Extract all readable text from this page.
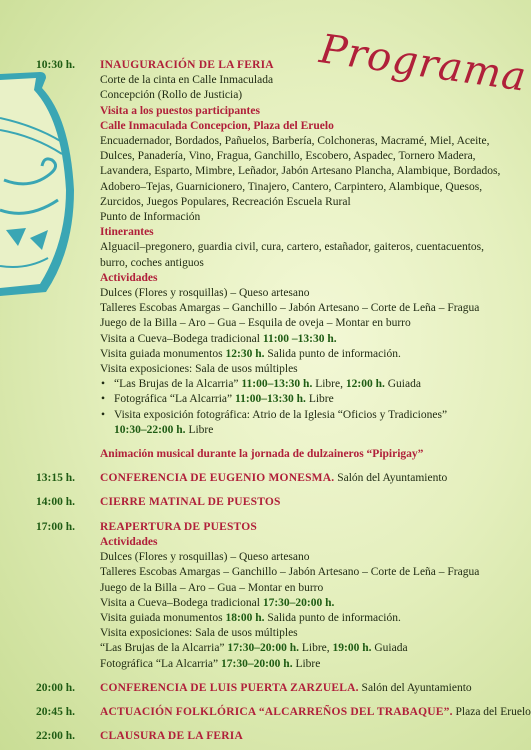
Programa
10:30 h.	INAUGURACIÓN DE LA FERIA
Corte de la cinta en Calle Inmaculada
Concepción (Rollo de Justicia)
Visita a los puestos participantes
Calle Inmaculada Concepcion, Plaza del Eruelo
Encuadernador, Bordados, Pañuelos, Barbería, Colchoneras, Macramé, Miel, Aceite, Dulces, Panadería, Vino, Fragua, Ganchillo, Escobero, Aspadec, Tornero Madera, Lavandera, Esparto, Mimbre, Leñador, Jabón Artesano Plancha, Alambique, Bordados, Adobero–Tejas, Guarnicionero, Tinajero, Cantero, Carpintero, Alambique, Quesos, Zurcidos, Juegos Populares, Recreación Escuela Rural
Punto de Información
Itinerantes
Alguacil–pregonero, guardia civil, cura, cartero, estañador, gaiteros, cuentacuentos, burro, coches antiguos
Actividades
Dulces (Flores y rosquillas) – Queso artesano
Talleres Escobas Amargas – Ganchillo – Jabón Artesano – Corte de Leña – Fragua
Juego de la Billa – Aro – Gua – Esquila de oveja – Montar en burro
Visita a Cueva–Bodega tradicional 11:00 –13:30 h.
Visita guiada monumentos 12:30 h. Salida punto de información.
Visita exposiciones: Sala de usos múltiples
• “Las Brujas de la Alcarria” 11:00–13:30 h. Libre, 12:00 h. Guiada
• Fotográfica “La Alcarria” 11:00–13:30 h. Libre
• Visita exposición fotográfica: Atrio de la Iglesia “Oficios y Tradiciones”
10:30–22:00 h. Libre
Animación musical durante la jornada de dulzaineros “Pipirigay”
13:15 h.	CONFERENCIA DE EUGENIO MONESMA. Salón del Ayuntamiento
14:00 h.	CIERRE MATINAL DE PUESTOS
17:00 h.	REAPERTURA DE PUESTOS
Actividades
Dulces (Flores y rosquillas) – Queso artesano
Talleres Escobas Amargas – Ganchillo – Jabón Artesano – Corte de Leña – Fragua
Juego de la Billa – Aro – Gua – Montar en burro
Visita a Cueva–Bodega tradicional 17:30–20:00 h.
Visita guiada monumentos 18:00 h. Salida punto de información.
Visita exposiciones: Sala de usos múltiples
“Las Brujas de la Alcarria” 17:30–20:00 h. Libre, 19:00 h. Guiada
Fotográfica “La Alcarria” 17:30–20:00 h. Libre
20:00 h.	CONFERENCIA DE LUIS PUERTA ZARZUELA. Salón del Ayuntamiento
20:45 h.	ACTUACIÓN FOLKLÓRICA “ALCARREÑOS DEL TRABAQUE”. Plaza del Eruelo
22:00 h.	CLAUSURA DE LA FERIA
